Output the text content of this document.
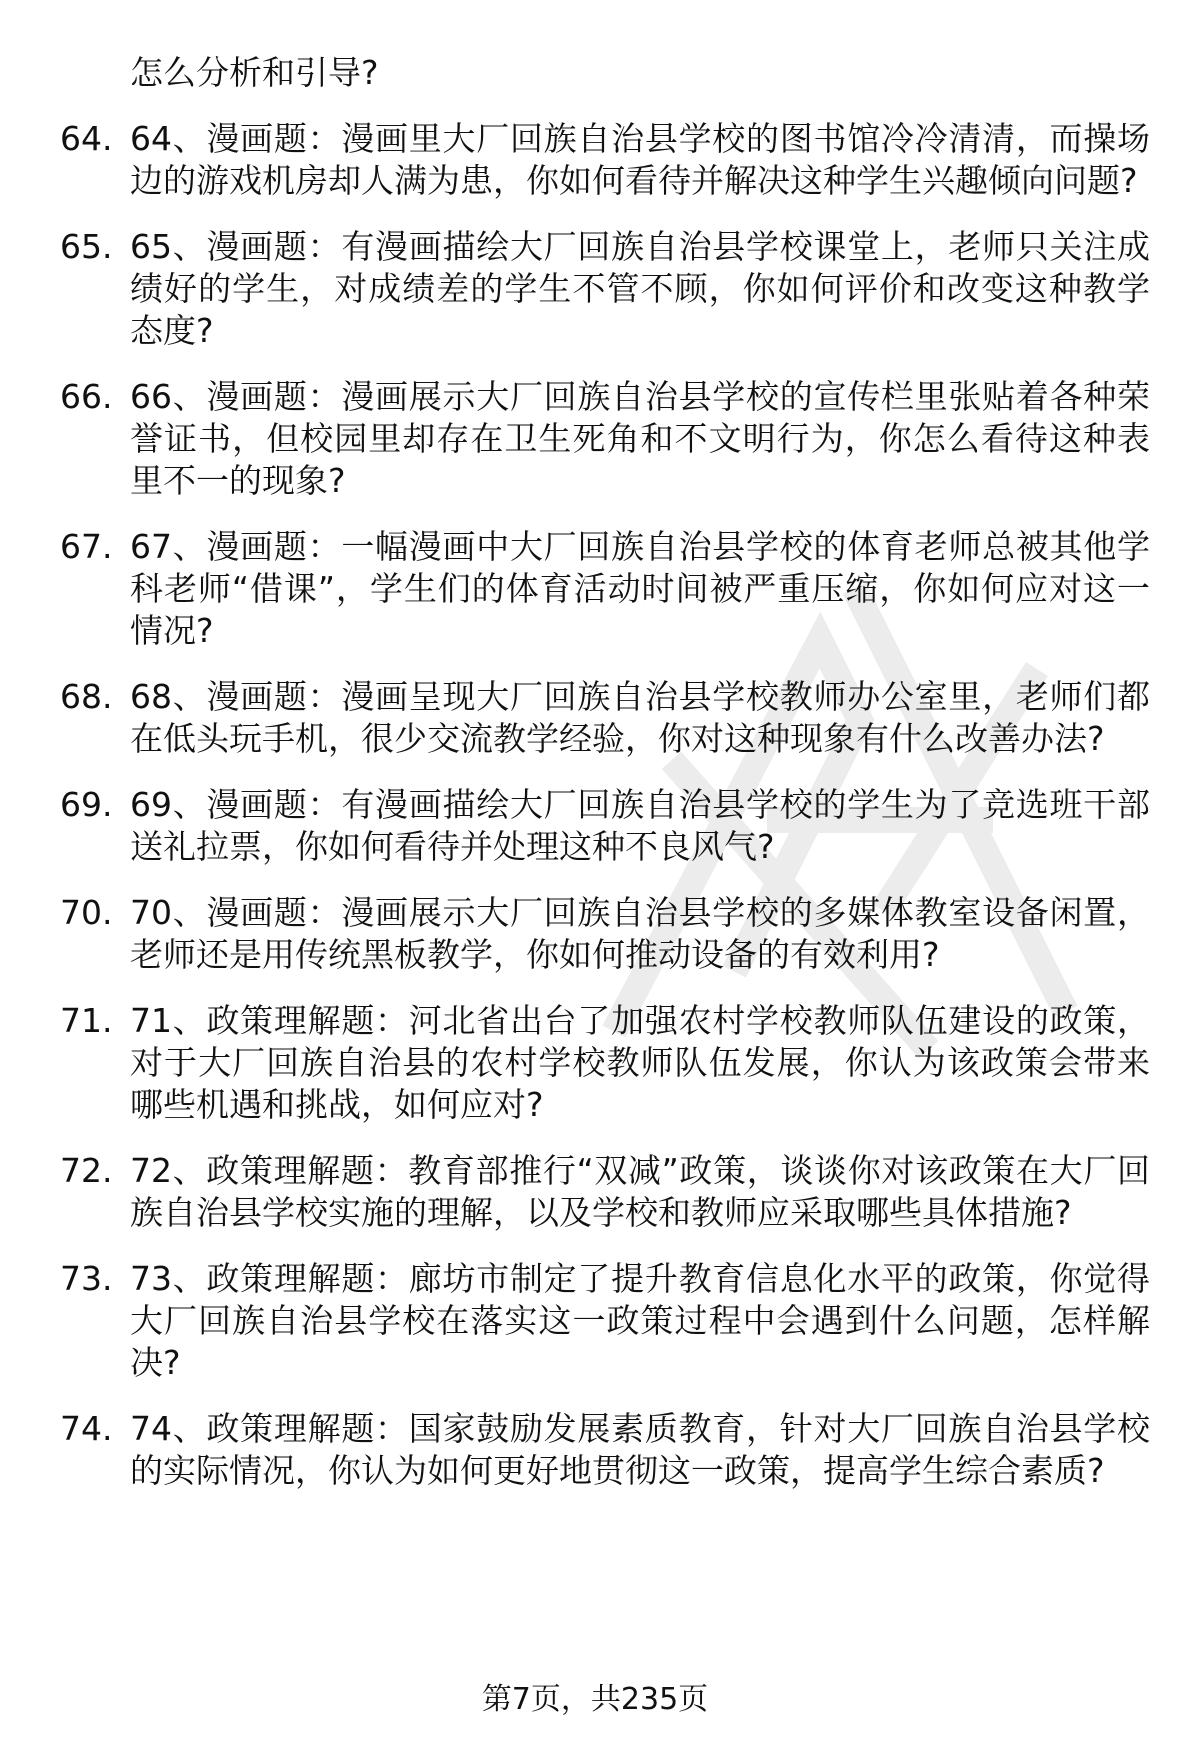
怎么分析和引导?
64. 64、漫画题：漫画里大厂回族自治县学校的图书馆冷冷清清，而操场边的游戏机房却人满为患，你如何看待并解决这种学生兴趣倾向问题?
65. 65、漫画题：有漫画描绘大厂回族自治县学校课堂上，老师只关注成绩好的学生，对成绩差的学生不管不顾，你如何评价和改变这种教学态度?
66. 66、漫画题：漫画展示大厂回族自治县学校的宣传栏里张贴着各种荣誉证书，但校园里却存在卫生死角和不文明行为，你怎么看待这种表里不一的现象?
67. 67、漫画题：一幅漫画中大厂回族自治县学校的体育老师总被其他学科老师“借课”，学生们的体育活动时间被严重压缩，你如何应对这一情况?
68. 68、漫画题：漫画呈现大厂回族自治县学校教师办公室里，老师们都在低头玩手机，很少交流教学经验，你对这种现象有什么改善办法?
69. 69、漫画题：有漫画描绘大厂回族自治县学校的学生为了竞选班干部送礼拉票，你如何看待并处理这种不良风气?
70. 70、漫画题：漫画展示大厂回族自治县学校的多媒体教室设备闲置，老师还是用传统黑板教学，你如何推动设备的有效利用?
71. 71、政策理解题：河北省出台了加强农村学校教师队伍建设的政策，对于大厂回族自治县的农村学校教师队伍发展，你认为该政策会带来哪些机遇和挑战，如何应对?
72. 72、政策理解题：教育部推行“双减”政策，谈谈你对该政策在大厂回族自治县学校实施的理解，以及学校和教师应采取哪些具体措施?
73. 73、政策理解题：廊坊市制定了提升教育信息化水平的政策，你觉得大厂回族自治县学校在落实这一政策过程中会遇到什么问题，怎样解决?
74. 74、政策理解题：国家鼓励发展素质教育，针对大厂回族自治县学校的实际情况，你认为如何更好地贯彻这一政策，提高学生综合素质?
第7页，共235页
